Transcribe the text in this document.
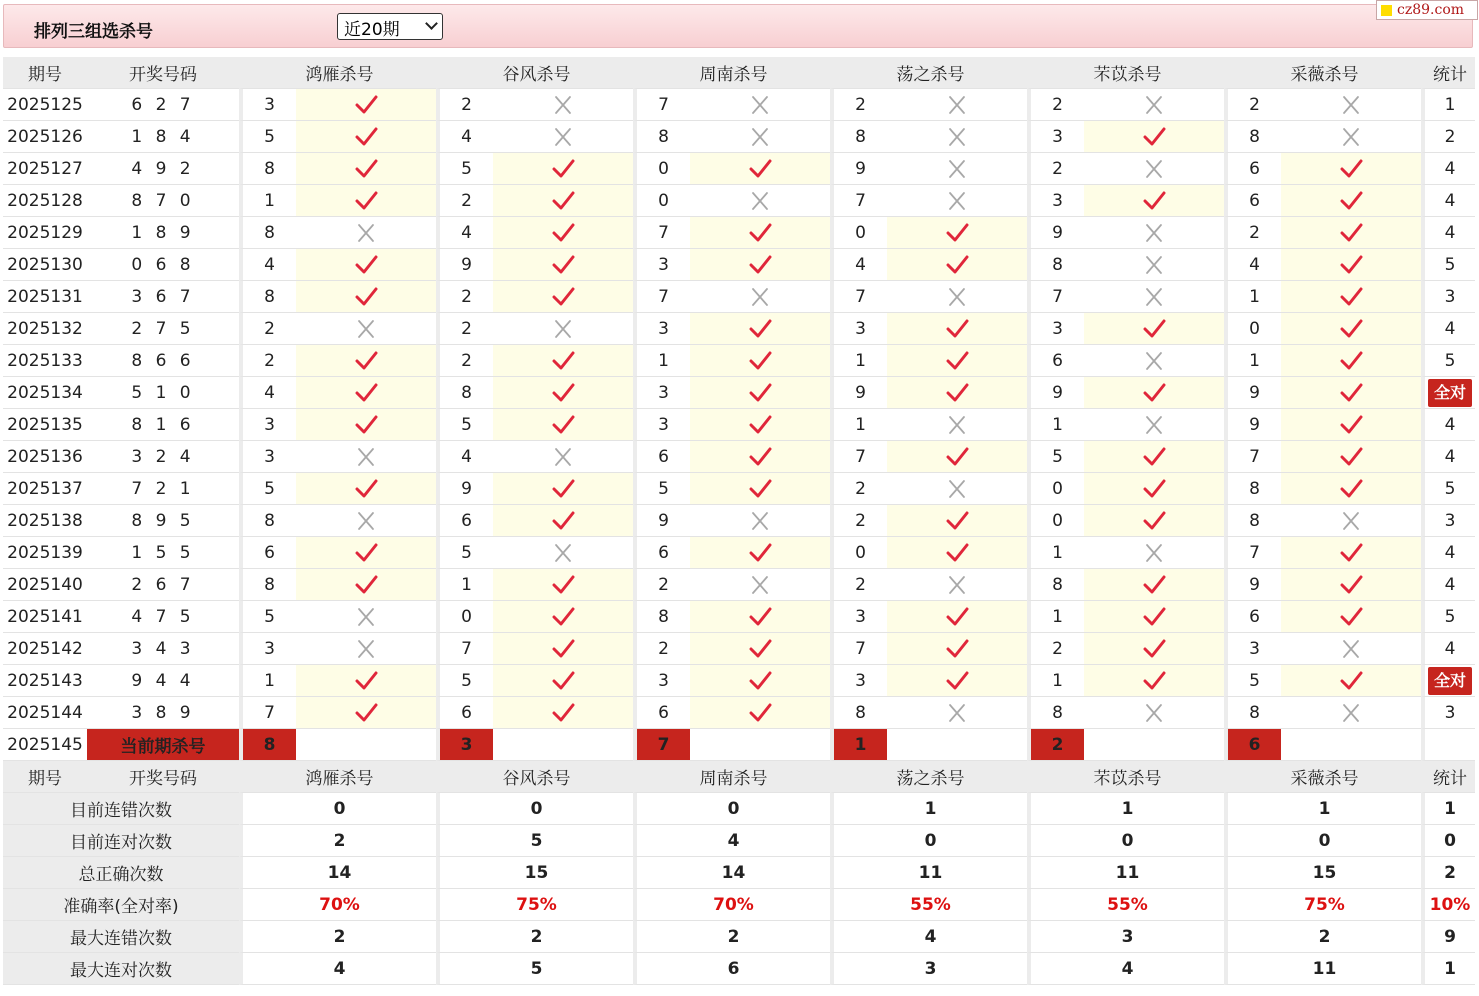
排列三组选杀号	近20期
cz89.com
期号	开奖号码	鸿雁杀号		谷风杀号		周南杀号		荡之杀号		芣苡杀号		采薇杀号		统计
2025125	6 2 7	3		2		7		2		2		2		1
2025126	1 8 4	5		4		8		8		3		8		2
2025127	4 9 2	8		5		0		9		2		6		4
2025128	8 7 0	1		2		0		7		3		6		4
2025129	1 8 9	8		4		7		0		9		2		4
2025130	0 6 8	4		9		3		4		8		4		5
2025131	3 6 7	8		2		7		7		7		1		3
2025132	2 7 5	2		2		3		3		3		0		4
2025133	8 6 6	2		2		1		1		6		1		5
2025134	5 1 0	4		8		3		9		9		9		全对
2025135	8 1 6	3		5		3		1		1		9		4
2025136	3 2 4	3		4		6		7		5		7		4
2025137	7 2 1	5		9		5		2		0		8		5
2025138	8 9 5	8		6		9		2		0		8		3
2025139	1 5 5	6		5		6		0		1		7		4
2025140	2 6 7	8		1		2		2		8		9		4
2025141	4 7 5	5		0		8		3		1		6		5
2025142	3 4 3	3		7		2		7		2		3		4
2025143	9 4 4	1		5		3		3		1		5		全对
2025144	3 8 9	7		6		6		8		8		8		3
2025145	当前期杀号	8		3		7		1		2		6		
期号	开奖号码	鸿雁杀号		谷风杀号		周南杀号		荡之杀号		芣苡杀号		采薇杀号		统计
目前连错次数		0		0		0		1		1		1		1
目前连对次数		2		5		4		0		0		0		0
总正确次数		14		15		14		11		11		15		2
准确率(全对率)		70%		75%		70%		55%		55%		75%		10%
最大连错次数		2		2		2		4		3		2		9
最大连对次数		4		5		6		3		4		11		1
